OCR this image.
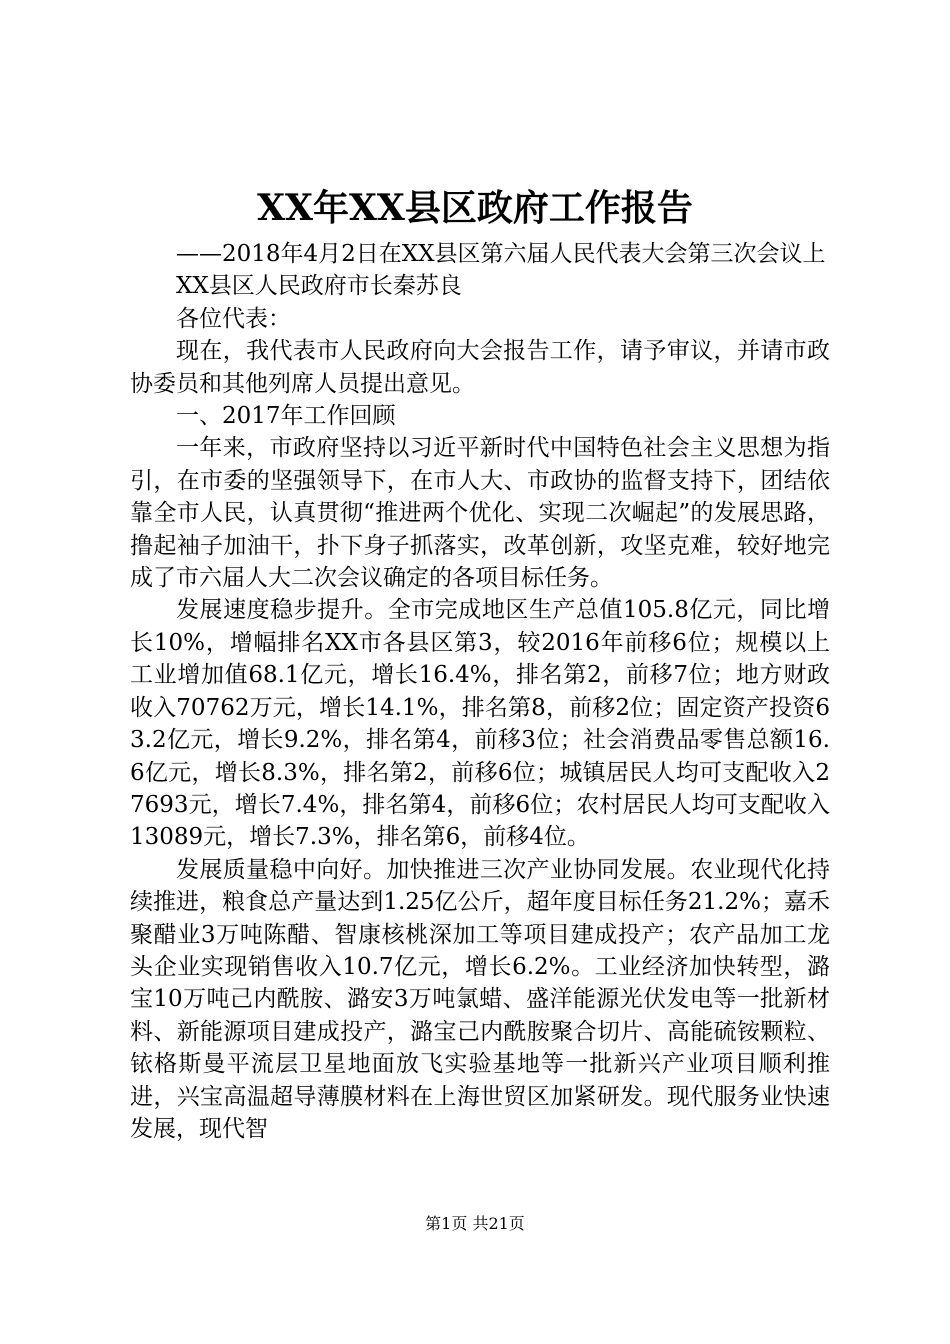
XX年XX县区政府工作报告

——2018年4月2日在XX县区第六届人民代表大会第三次会议上

XX县区人民政府市长秦苏良

各位代表：

现在，我代表市人民政府向大会报告工作，请予审议，并请市政协委员和其他列席人员提出意见。

一、2017年工作回顾

一年来，市政府坚持以习近平新时代中国特色社会主义思想为指引，在市委的坚强领导下，在市人大、市政协的监督支持下，团结依靠全市人民，认真贯彻“推进两个优化、实现二次崛起”的发展思路，撸起袖子加油干，扑下身子抓落实，改革创新，攻坚克难，较好地完成了市六届人大二次会议确定的各项目标任务。

发展速度稳步提升。全市完成地区生产总值105.8亿元，同比增长10%，增幅排名XX市各县区第3，较2016年前移6位；规模以上工业增加值68.1亿元，增长16.4%，排名第2，前移7位；地方财政收入70762万元，增长14.1%，排名第8，前移2位；固定资产投资63.2亿元，增长9.2%，排名第4，前移3位；社会消费品零售总额16.6亿元，增长8.3%，排名第2，前移6位；城镇居民人均可支配收入27693元，增长7.4%，排名第4，前移6位；农村居民人均可支配收入13089元，增长7.3%，排名第6，前移4位。

发展质量稳中向好。加快推进三次产业协同发展。农业现代化持续推进，粮食总产量达到1.25亿公斤，超年度目标任务21.2%；嘉禾聚醋业3万吨陈醋、智康核桃深加工等项目建成投产；农产品加工龙头企业实现销售收入10.7亿元，增长6.2%。工业经济加快转型，潞宝10万吨己内酰胺、潞安3万吨氯蜡、盛洋能源光伏发电等一批新材料、新能源项目建成投产，潞宝己内酰胺聚合切片、高能硫铵颗粒、铱格斯曼平流层卫星地面放飞实验基地等一批新兴产业项目顺利推进，兴宝高温超导薄膜材料在上海世贸区加紧研发。现代服务业快速发展，现代智

第1页 共21页
